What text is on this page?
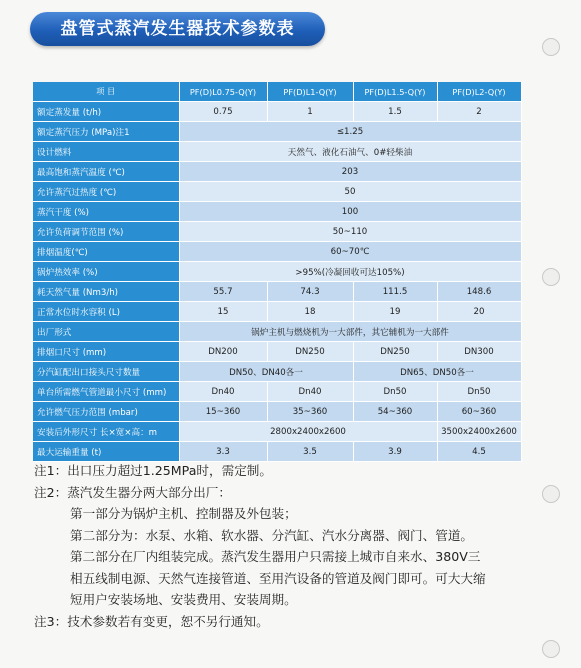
盘管式蒸汽发生器技术参数表
项 目	PF(D)L0.75-Q(Y)	PF(D)L1-Q(Y)	PF(D)L1.5-Q(Y)	PF(D)L2-Q(Y)
额定蒸发量 (t/h)	0.75	1	1.5	2
额定蒸汽压力 (MPa)注1	≤1.25			
设计燃料	天然气、液化石油气、0#轻柴油			
最高饱和蒸汽温度 (℃)	203			
允许蒸汽过热度 (℃)	50			
蒸汽干度 (%)	100			
允许负荷调节范围 (%)	50~110			
排烟温度(℃)	60~70℃			
锅炉热效率 (%)	>95%(冷凝回收可达105%)			
耗天然气量 (Nm3/h)	55.7	74.3	111.5	148.6
正常水位时水容积 (L)	15	18	19	20
出厂形式	锅炉主机与燃烧机为一大部件，其它辅机为一大部件			
排烟口尺寸 (mm)	DN200	DN250	DN250	DN300
分汽缸配出口接头尺寸数量	DN50、DN40各一		DN65、DN50各一	
单台所需燃气管道最小尺寸 (mm)	Dn40	Dn40	Dn50	Dn50
允许燃气压力范围 (mbar)	15~360	35~360	54~360	60~360
安装后外形尺寸 长×宽×高：m	2800x2400x2600			3500x2400x2600
最大运输重量 (t)	3.3	3.5	3.9	4.5
注1：出口压力超过1.25MPa时，需定制。
注2：蒸汽发生器分两大部分出厂：
第一部分为锅炉主机、控制器及外包装；
第二部分为：水泵、水箱、软水器、分汽缸、汽水分离器、阀门、管道。
第二部分在厂内组装完成。蒸汽发生器用户只需接上城市自来水、380V三
相五线制电源、天然气连接管道、至用汽设备的管道及阀门即可。可大大缩
短用户安装场地、安装费用、安装周期。
注3：技术参数若有变更，恕不另行通知。
